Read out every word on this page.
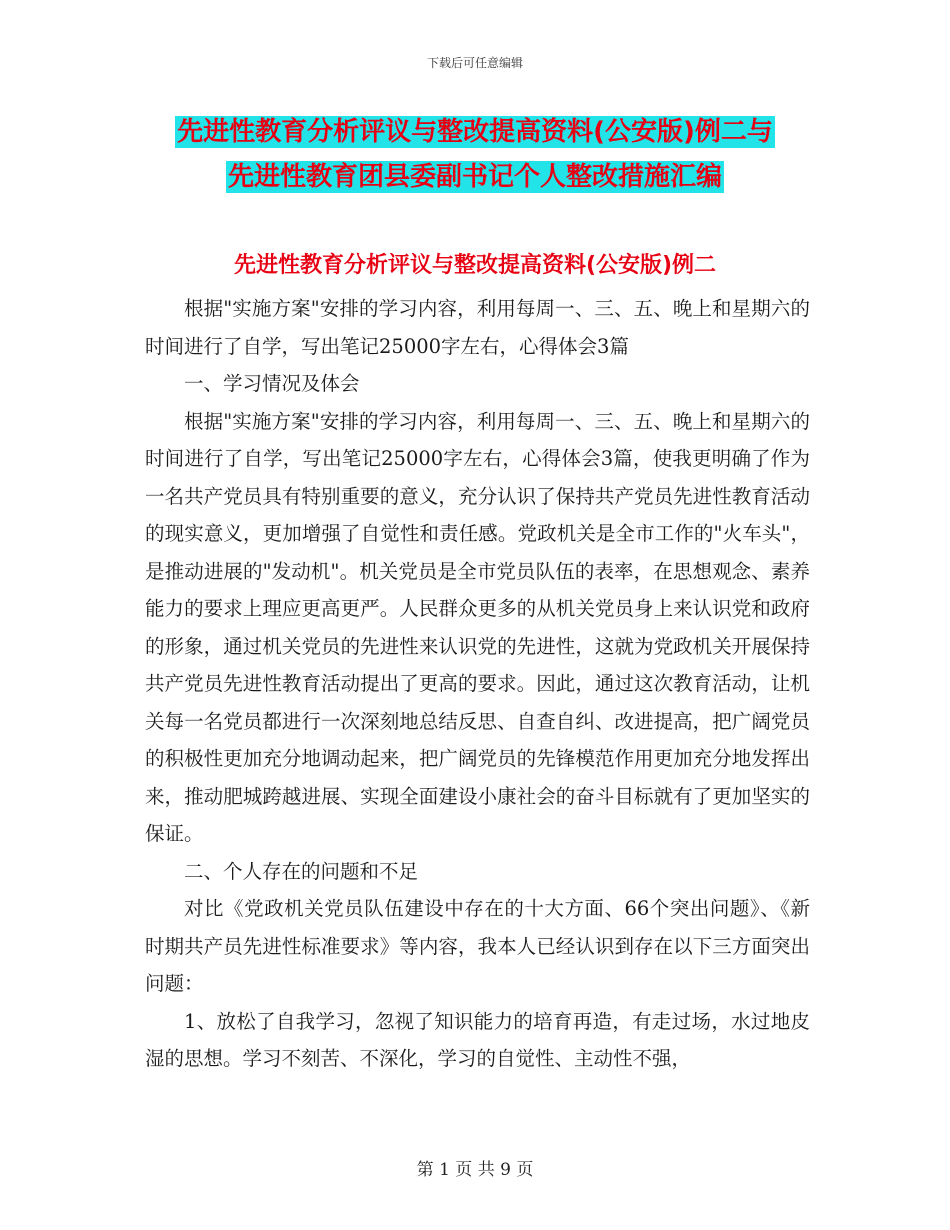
下载后可任意编辑
先进性教育分析评议与整改提高资料(公安版)例二与
先进性教育团县委副书记个人整改措施汇编
先进性教育分析评议与整改提高资料(公安版)例二

根据"实施方案"安排的学习内容，利用每周一、三、五、晚上和星期六的时间进行了自学，写出笔记25000字左右，心得体会3篇

一、学习情况及体会

根据"实施方案"安排的学习内容，利用每周一、三、五、晚上和星期六的时间进行了自学，写出笔记25000字左右，心得体会3篇，使我更明确了作为一名共产党员具有特别重要的意义，充分认识了保持共产党员先进性教育活动的现实意义，更加增强了自觉性和责任感。党政机关是全市工作的"火车头"，是推动进展的"发动机"。机关党员是全市党员队伍的表率，在思想观念、素养能力的要求上理应更高更严。人民群众更多的从机关党员身上来认识党和政府的形象，通过机关党员的先进性来认识党的先进性，这就为党政机关开展保持共产党员先进性教育活动提出了更高的要求。因此，通过这次教育活动，让机关每一名党员都进行一次深刻地总结反思、自查自纠、改进提高，把广阔党员的积极性更加充分地调动起来，把广阔党员的先锋模范作用更加充分地发挥出来，推动肥城跨越进展、实现全面建设小康社会的奋斗目标就有了更加坚实的保证。

二、个人存在的问题和不足

对比《党政机关党员队伍建设中存在的十大方面、66个突出问题》、《新时期共产员先进性标准要求》等内容，我本人已经认识到存在以下三方面突出问题：

1、放松了自我学习，忽视了知识能力的培育再造，有走过场，水过地皮湿的思想。学习不刻苦、不深化，学习的自觉性、主动性不强，

第 1 页 共 9 页
